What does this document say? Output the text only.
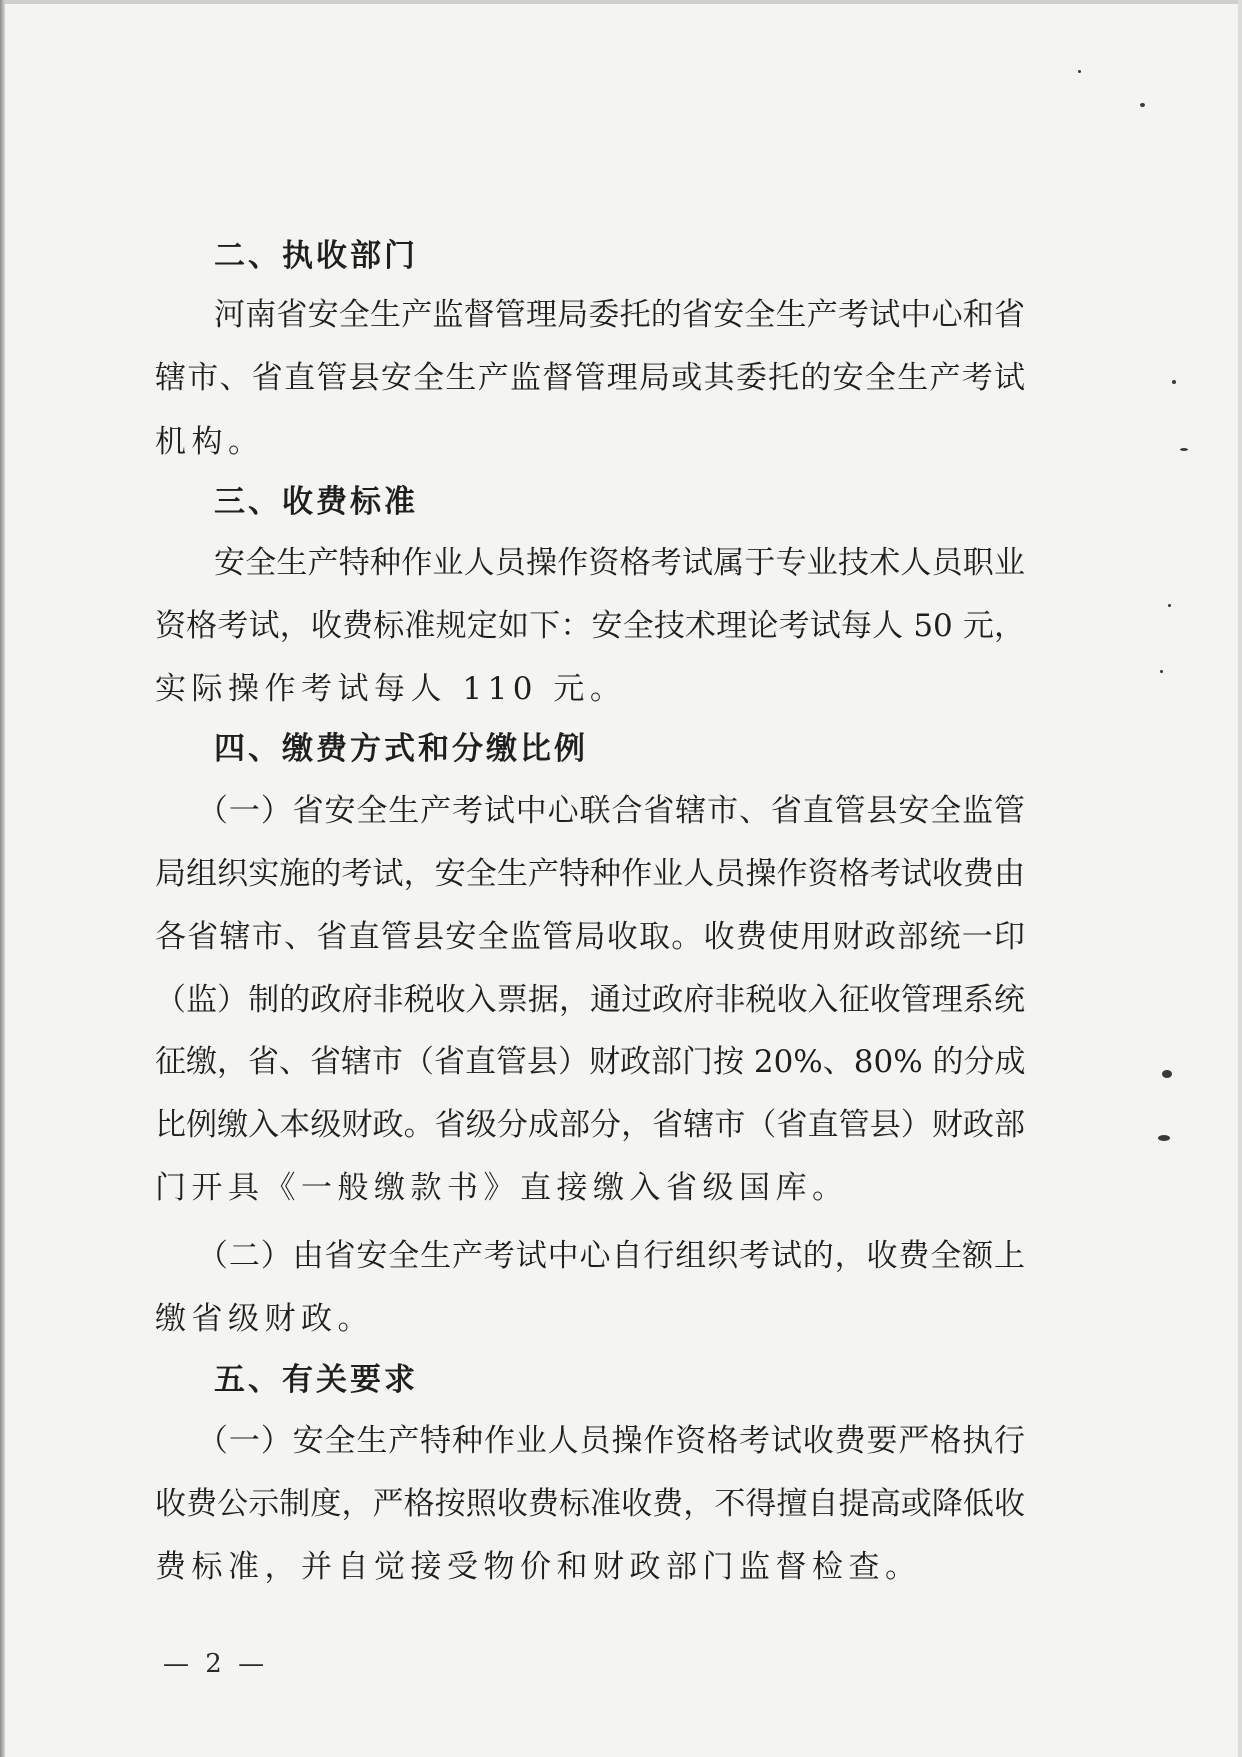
二、执收部门
河南省安全生产监督管理局委托的省安全生产考试中心和省
辖市、省直管县安全生产监督管理局或其委托的安全生产考试
机构。
三、收费标准
安全生产特种作业人员操作资格考试属于专业技术人员职业
资格考试，收费标准规定如下：安全技术理论考试每人 50 元，
实际操作考试每人 110 元。
四、缴费方式和分缴比例
（一）省安全生产考试中心联合省辖市、省直管县安全监管
局组织实施的考试，安全生产特种作业人员操作资格考试收费由
各省辖市、省直管县安全监管局收取。收费使用财政部统一印
（监）制的政府非税收入票据，通过政府非税收入征收管理系统
征缴，省、省辖市（省直管县）财政部门按 20%、80% 的分成
比例缴入本级财政。省级分成部分，省辖市（省直管县）财政部
门开具《一般缴款书》直接缴入省级国库。
（二）由省安全生产考试中心自行组织考试的，收费全额上
缴省级财政。
五、有关要求
（一）安全生产特种作业人员操作资格考试收费要严格执行
收费公示制度，严格按照收费标准收费，不得擅自提高或降低收
费标准，并自觉接受物价和财政部门监督检查。
— 2 —
